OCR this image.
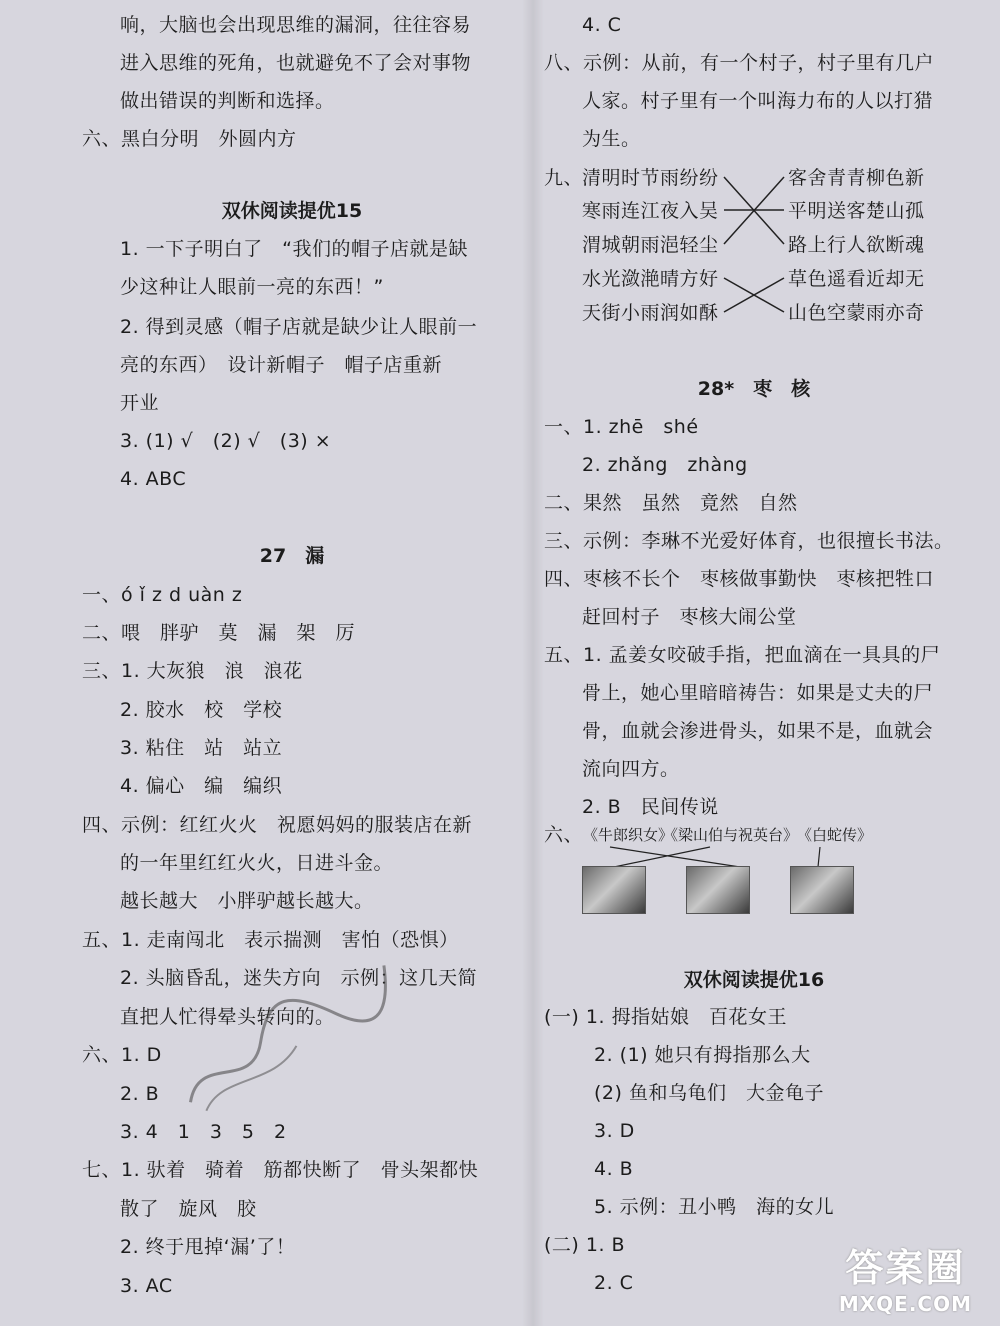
响，大脑也会出现思维的漏洞，往往容易
进入思维的死角，也就避免不了会对事物
做出错误的判断和选择。
六、黑白分明　外圆内方
双休阅读提优15
1. 一下子明白了　“我们的帽子店就是缺
少这种让人眼前一亮的东西！”
2. 得到灵感（帽子店就是缺少让人眼前一
亮的东西）　设计新帽子　帽子店重新
开业
3. (1) √　(2) √　(3) ×
4. ABC
27　漏
一、ó ǐ z d uàn z
二、喂　胖驴　莫　漏　架　厉
三、1. 大灰狼　浪　浪花
2. 胶水　校　学校
3. 粘住　站　站立
4. 偏心　编　编织
四、示例：红红火火　祝愿妈妈的服装店在新
的一年里红红火火，日进斗金。
越长越大　小胖驴越长越大。
五、1. 走南闯北　表示揣测　害怕（恐惧）
2. 头脑昏乱，迷失方向　示例：这几天简
直把人忙得晕头转向的。
六、1. D
2. B
3. 4　1　3　5　2
七、1. 驮着　骑着　筋都快断了　骨头架都快
散了　旋风　胶
2. 终于甩掉‘漏’了！
3. AC
4. C
八、示例：从前，有一个村子，村子里有几户
人家。村子里有一个叫海力布的人以打猎
为生。
九、
清明时节雨纷纷
寒雨连江夜入吴
渭城朝雨浥轻尘
水光潋滟晴方好
天街小雨润如酥
客舍青青柳色新
平明送客楚山孤
路上行人欲断魂
草色遥看近却无
山色空蒙雨亦奇
28*　枣　核
一、1. zhē　shé
2. zhǎng　zhàng
二、果然　虽然　竟然　自然
三、示例：李琳不光爱好体育，也很擅长书法。
四、枣核不长个　枣核做事勤快　枣核把牲口
赶回村子　枣核大闹公堂
五、1. 孟姜女咬破手指，把血滴在一具具的尸
骨上，她心里暗暗祷告：如果是丈夫的尸
骨，血就会渗进骨头，如果不是，血就会
流向四方。
2. B　民间传说
六、 《牛郎织女》
《梁山伯与祝英台》
《白蛇传》
双休阅读提优16
(一) 1. 拇指姑娘　百花女王
2. (1) 她只有拇指那么大
(2) 鱼和乌龟们　大金龟子
3. D
4. B
5. 示例：丑小鸭　海的女儿
(二) 1. B
2. C	答案圈
MXQE.COM
